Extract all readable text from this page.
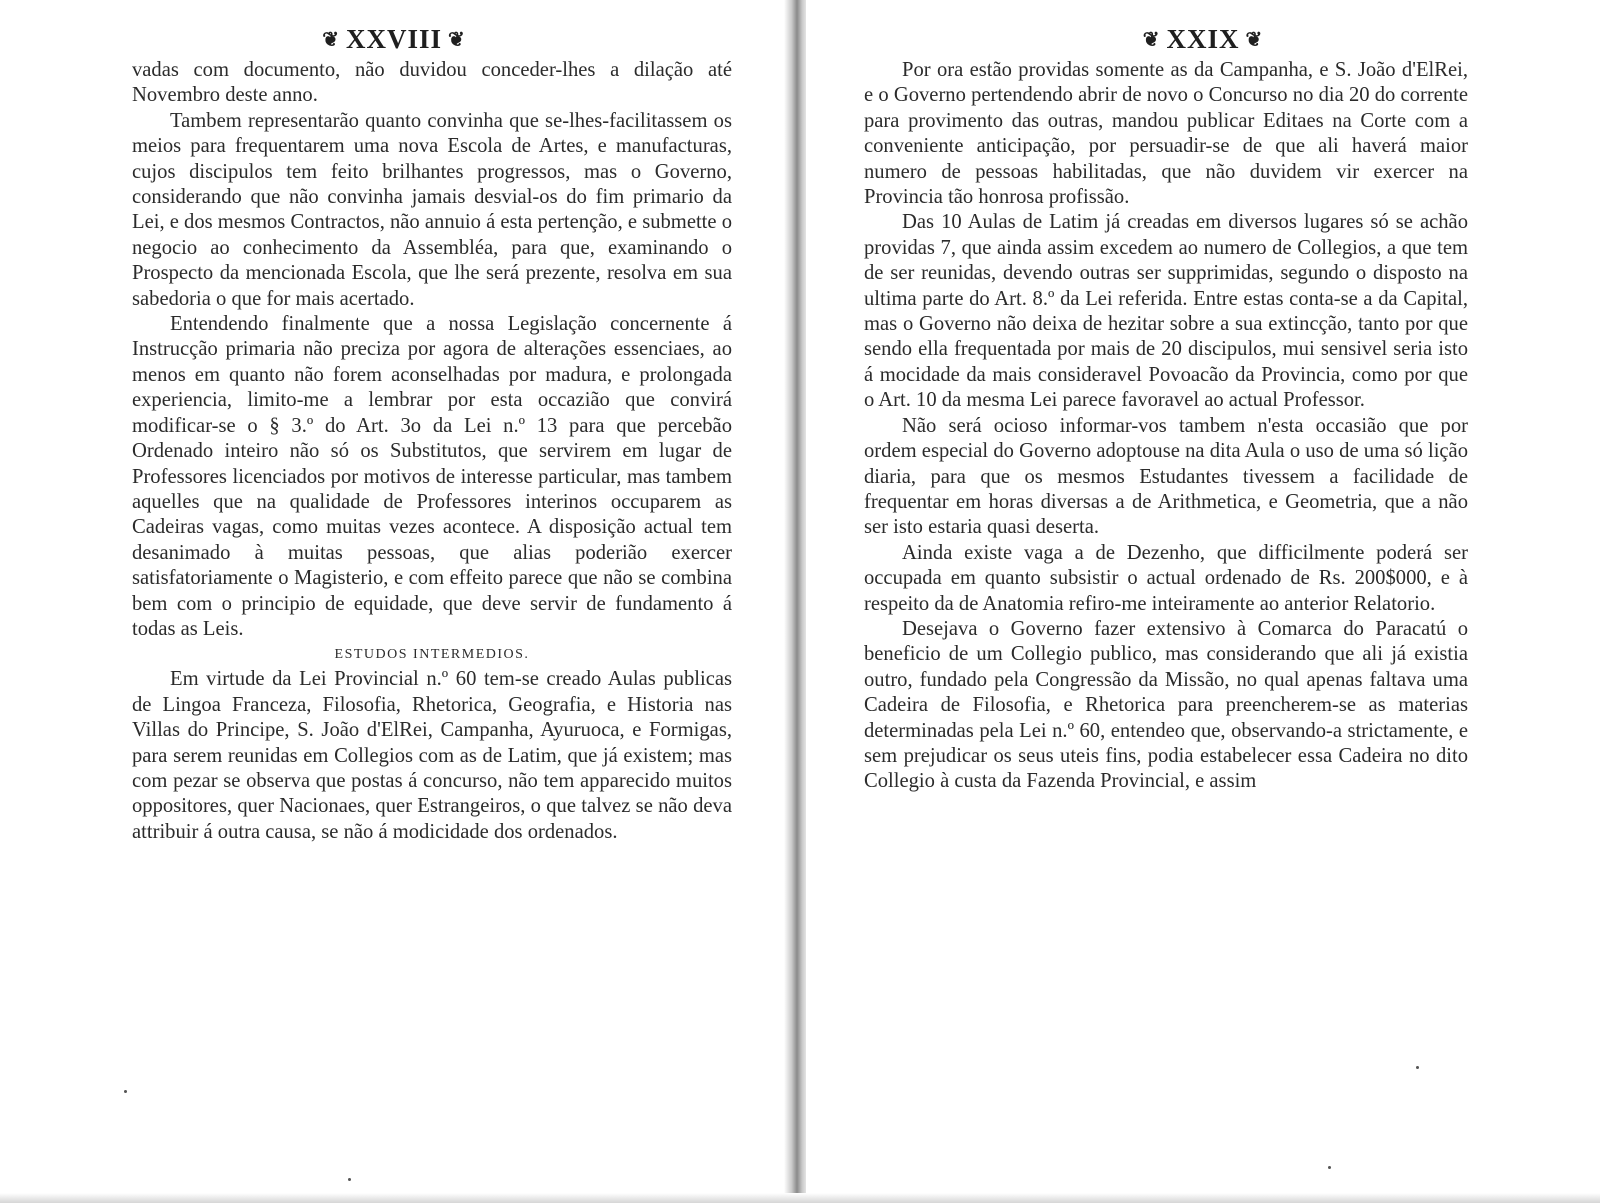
❦ XXVIII ❦

vadas com documento, não duvidou conceder-lhes a dilação até Novembro deste anno.

Tambem representarão quanto convinha que se-lhes-facilitassem os meios para frequentarem uma nova Escola de Artes, e manufacturas, cujos discipulos tem feito brilhantes progressos, mas o Governo, considerando que não convinha jamais desvial-os do fim primario da Lei, e dos mesmos Contractos, não annuio á esta pertenção, e submette o negocio ao conhecimento da Assembléa, para que, examinando o Prospecto da mencionada Escola, que lhe será prezente, resolva em sua sabedoria o que for mais acertado.

Entendendo finalmente que a nossa Legislação concernente á Instrucção primaria não preciza por agora de alterações essenciaes, ao menos em quanto não forem aconselhadas por madura, e prolongada experiencia, limito-me a lembrar por esta occazião que convirá modificar-se o § 3.º do Art. 3o da Lei n.º 13 para que percebão Ordenado inteiro não só os Substitutos, que servirem em lugar de Professores licenciados por motivos de interesse particular, mas tambem aquelles que na qualidade de Professores interinos occuparem as Cadeiras vagas, como muitas vezes acontece. A disposição actual tem desanimado à muitas pessoas, que alias poderião exercer satisfatoriamente o Magisterio, e com effeito parece que não se combina bem com o principio de equidade, que deve servir de fundamento á todas as Leis.

ESTUDOS INTERMEDIOS.

Em virtude da Lei Provincial n.º 60 tem-se creado Aulas publicas de Lingoa Franceza, Filosofia, Rhetorica, Geografia, e Historia nas Villas do Principe, S. João d'ElRei, Campanha, Ayuruoca, e Formigas, para serem reunidas em Collegios com as de Latim, que já existem; mas com pezar se observa que postas á concurso, não tem apparecido muitos oppositores, quer Nacionaes, quer Estrangeiros, o que talvez se não deva attribuir á outra causa, se não á modicidade dos ordenados.

❦ XXIX ❦

Por ora estão providas somente as da Campanha, e S. João d'ElRei, e o Governo pertendendo abrir de novo o Concurso no dia 20 do corrente para provimento das outras, mandou publicar Editaes na Corte com a conveniente anticipação, por persuadir-se de que ali haverá maior numero de pessoas habilitadas, que não duvidem vir exercer na Provincia tão honrosa profissão.

Das 10 Aulas de Latim já creadas em diversos lugares só se achão providas 7, que ainda assim excedem ao numero de Collegios, a que tem de ser reunidas, devendo outras ser supprimidas, segundo o disposto na ultima parte do Art. 8.º da Lei referida. Entre estas conta-se a da Capital, mas o Governo não deixa de hezitar sobre a sua extincção, tanto por que sendo ella frequentada por mais de 20 discipulos, mui sensivel seria isto á mocidade da mais consideravel Povoacão da Provincia, como por que o Art. 10 da mesma Lei parece favoravel ao actual Professor.

Não será ocioso informar-vos tambem n'esta occasião que por ordem especial do Governo adoptouse na dita Aula o uso de uma só lição diaria, para que os mesmos Estudantes tivessem a facilidade de frequentar em horas diversas a de Arithmetica, e Geometria, que a não ser isto estaria quasi deserta.

Ainda existe vaga a de Dezenho, que difficilmente poderá ser occupada em quanto subsistir o actual ordenado de Rs. 200$000, e à respeito da de Anatomia refiro-me inteiramente ao anterior Relatorio.

Desejava o Governo fazer extensivo à Comarca do Paracatú o beneficio de um Collegio publico, mas considerando que ali já existia outro, fundado pela Congressão da Missão, no qual apenas faltava uma Cadeira de Filosofia, e Rhetorica para preencherem-se as materias determinadas pela Lei n.º 60, entendeo que, observando-a strictamente, e sem prejudicar os seus uteis fins, podia estabelecer essa Cadeira no dito Collegio à custa da Fazenda Provincial, e assim
